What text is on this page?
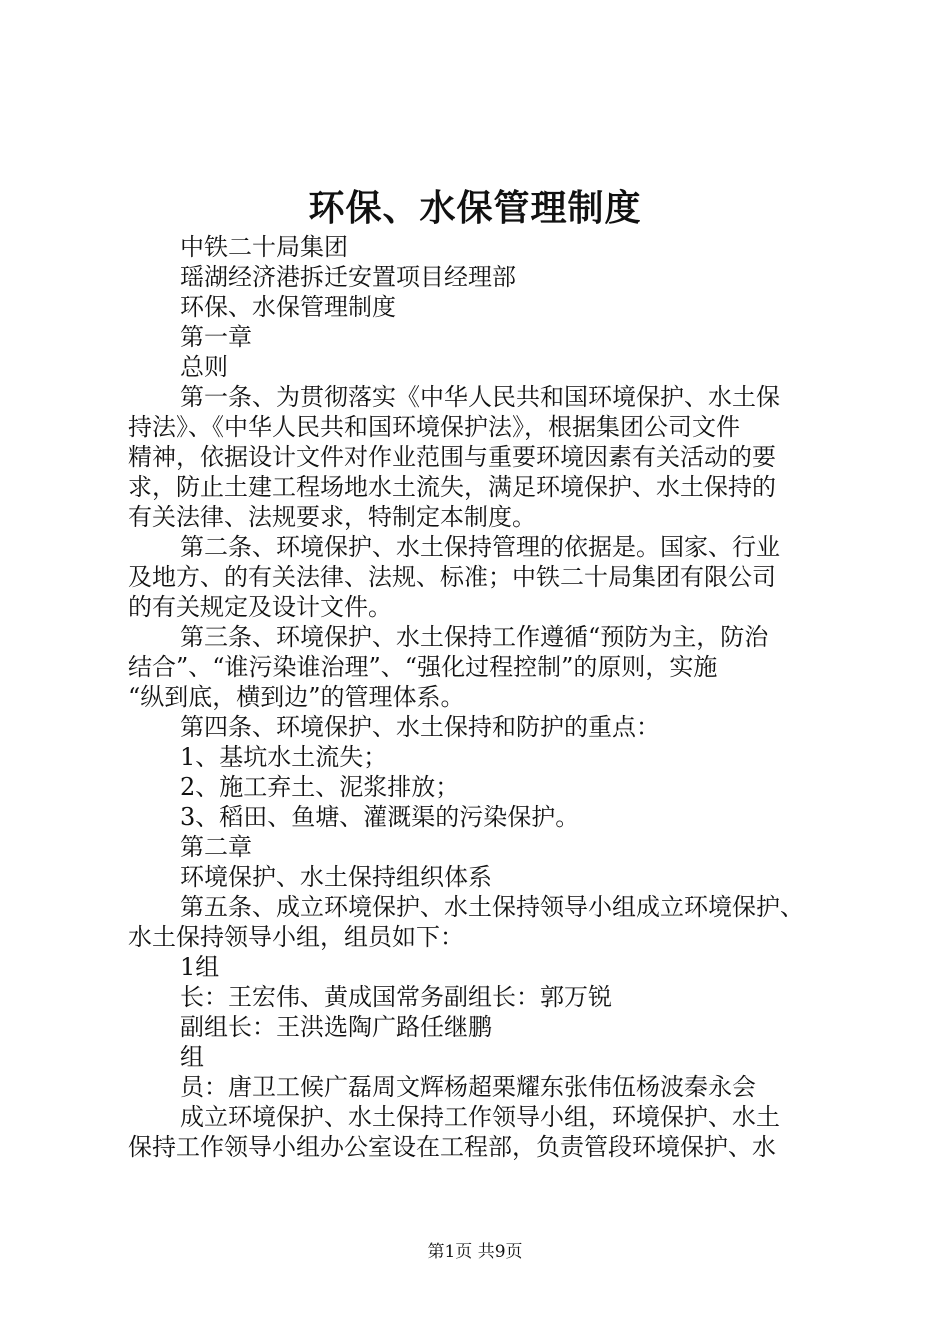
环保、水保管理制度
中铁二十局集团
瑶湖经济港拆迁安置项目经理部
环保、水保管理制度
第一章
总则
第一条、为贯彻落实《中华人民共和国环境保护、水土保
持法》、《中华人民共和国环境保护法》，根据集团公司文件
精神，依据设计文件对作业范围与重要环境因素有关活动的要
求，防止土建工程场地水土流失，满足环境保护、水土保持的
有关法律、法规要求，特制定本制度。
第二条、环境保护、水土保持管理的依据是。国家、行业
及地方、的有关法律、法规、标准；中铁二十局集团有限公司
的有关规定及设计文件。
第三条、环境保护、水土保持工作遵循“预防为主，防治
结合”、“谁污染谁治理”、“强化过程控制”的原则，实施
“纵到底，横到边”的管理体系。
第四条、环境保护、水土保持和防护的重点：
1、基坑水土流失；
2、施工弃土、泥浆排放；
3、稻田、鱼塘、灌溉渠的污染保护。
第二章
环境保护、水土保持组织体系
第五条、成立环境保护、水土保持领导小组成立环境保护、
水土保持领导小组，组员如下：
1组
长：王宏伟、黄成国常务副组长：郭万锐
副组长：王洪选陶广路任继鹏
组
员：唐卫工候广磊周文辉杨超栗耀东张伟伍杨波秦永会
成立环境保护、水土保持工作领导小组，环境保护、水土
保持工作领导小组办公室设在工程部，负责管段环境保护、水
第1页 共9页
